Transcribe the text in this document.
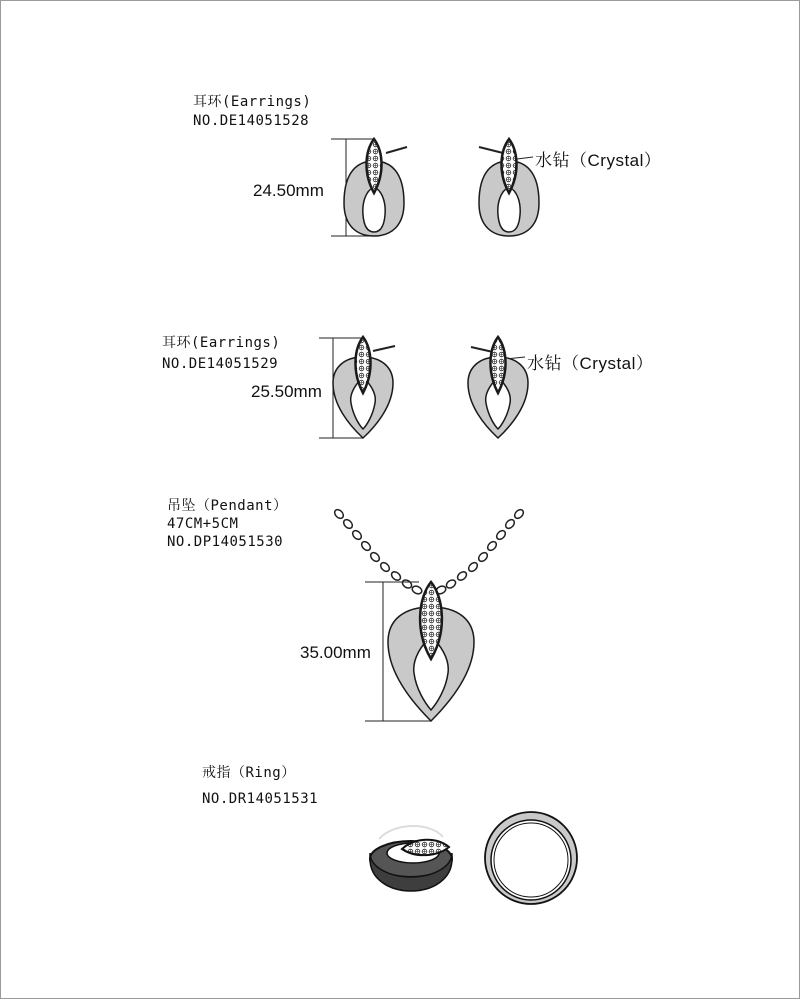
耳环(Earrings)
NO.DE14051528
24.50mm
水钻（Crystal）
耳环(Earrings)
NO.DE14051529
25.50mm
水钻（Crystal）
吊坠（Pendant）
47CM+5CM
NO.DP14051530
35.00mm
戒指（Ring）
NO.DR14051531
